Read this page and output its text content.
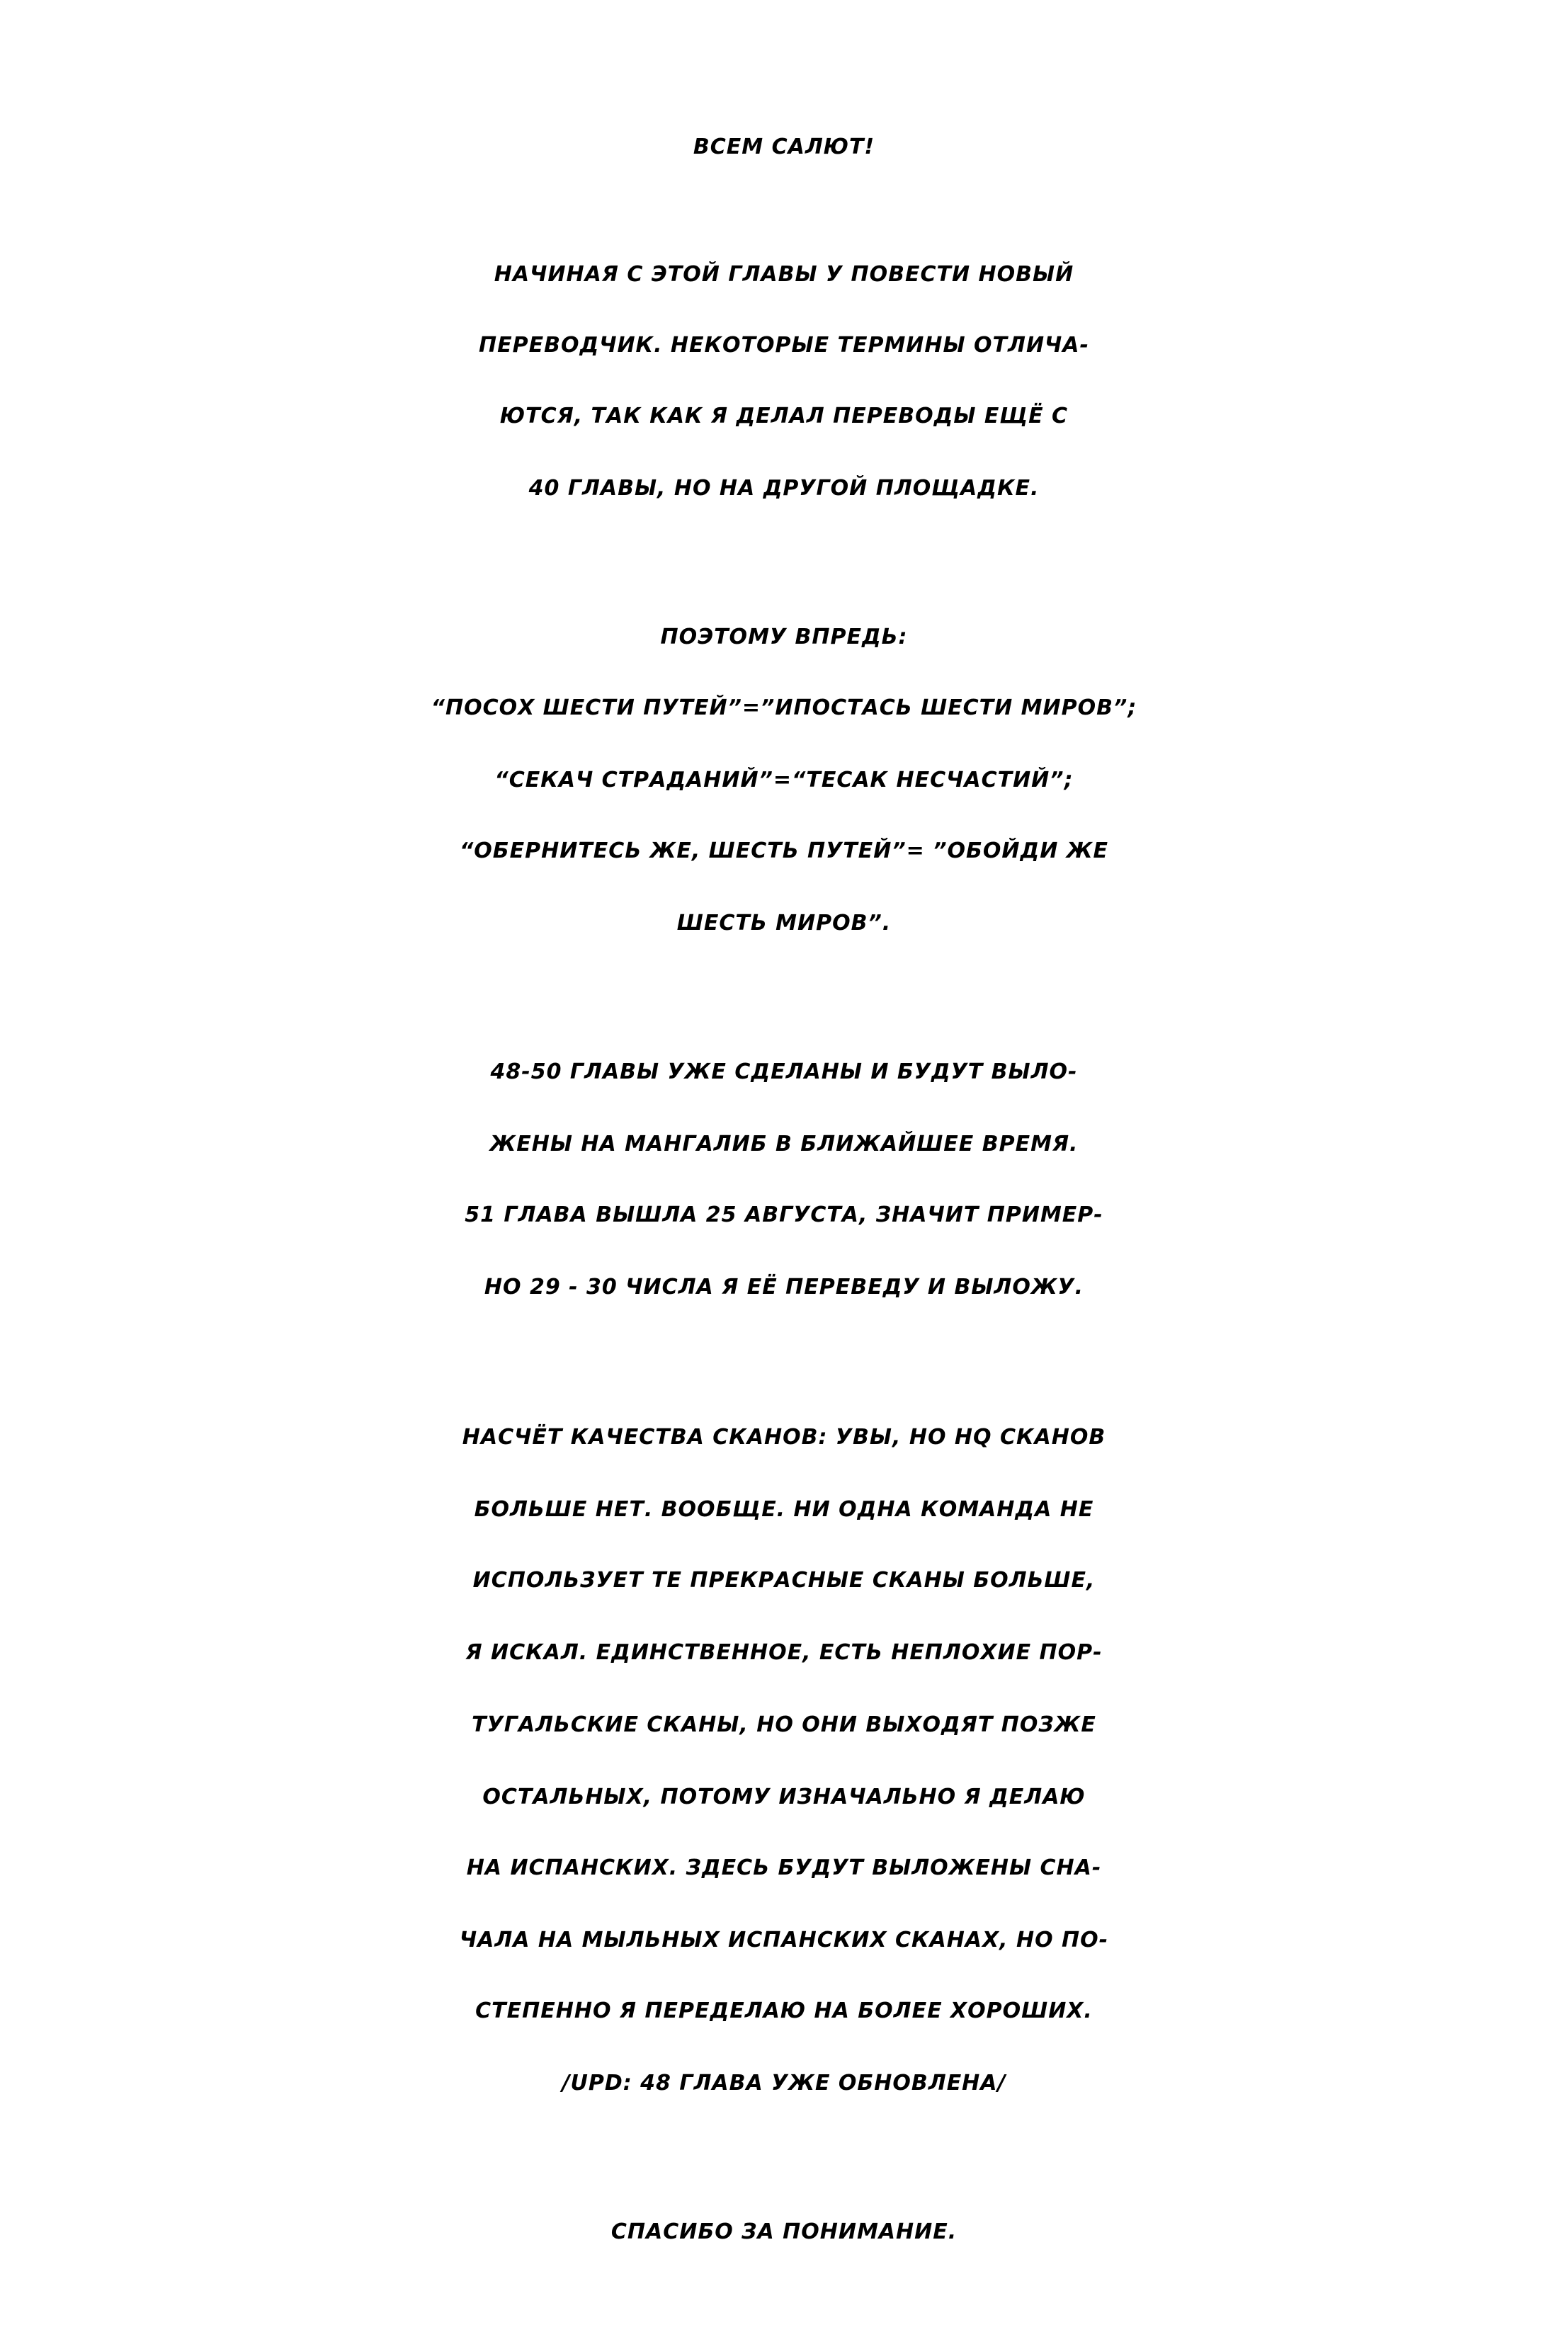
ВСЕМ САЛЮТ!
НАЧИНАЯ С ЭТОЙ ГЛАВЫ У ПОВЕСТИ НОВЫЙ
ПЕРЕВОДЧИК. НЕКОТОРЫЕ ТЕРМИНЫ ОТЛИЧА-
ЮТСЯ, ТАК КАК Я ДЕЛАЛ ПЕРЕВОДЫ ЕЩЁ С
40 ГЛАВЫ, НО НА ДРУГОЙ ПЛОЩАДКЕ.
ПОЭТОМУ ВПРЕДЬ:
“ПОСОХ ШЕСТИ ПУТЕЙ”=”ИПОСТАСЬ ШЕСТИ МИРОВ”;
“СЕКАЧ СТРАДАНИЙ”=“ТЕСАК НЕСЧАСТИЙ”;
“ОБЕРНИТЕСЬ ЖЕ, ШЕСТЬ ПУТЕЙ”= ”ОБОЙДИ ЖЕ
ШЕСТЬ МИРОВ”.
48-50 ГЛАВЫ УЖЕ СДЕЛАНЫ И БУДУТ ВЫЛО-
ЖЕНЫ НА МАНГАЛИБ В БЛИЖАЙШЕЕ ВРЕМЯ.
51 ГЛАВА ВЫШЛА 25 АВГУСТА, ЗНАЧИТ ПРИМЕР-
НО 29 - 30 ЧИСЛА Я ЕЁ ПЕРЕВЕДУ И ВЫЛОЖУ.
НАСЧЁТ КАЧЕСТВА СКАНОВ: УВЫ, НО HQ СКАНОВ
БОЛЬШЕ НЕТ. ВООБЩЕ. НИ ОДНА КОМАНДА НЕ
ИСПОЛЬЗУЕТ ТЕ ПРЕКРАСНЫЕ СКАНЫ БОЛЬШЕ,
Я ИСКАЛ. ЕДИНСТВЕННОЕ, ЕСТЬ НЕПЛОХИЕ ПОР-
ТУГАЛЬСКИЕ СКАНЫ, НО ОНИ ВЫХОДЯТ ПОЗЖЕ
ОСТАЛЬНЫХ, ПОТОМУ ИЗНАЧАЛЬНО Я ДЕЛАЮ
НА ИСПАНСКИХ. ЗДЕСЬ БУДУТ ВЫЛОЖЕНЫ СНА-
ЧАЛА НА МЫЛЬНЫХ ИСПАНСКИХ СКАНАХ, НО ПО-
СТЕПЕННО Я ПЕРЕДЕЛАЮ НА БОЛЕЕ ХОРОШИХ.
/UPD: 48 ГЛАВА УЖЕ ОБНОВЛЕНА/
СПАСИБО ЗА ПОНИМАНИЕ.
